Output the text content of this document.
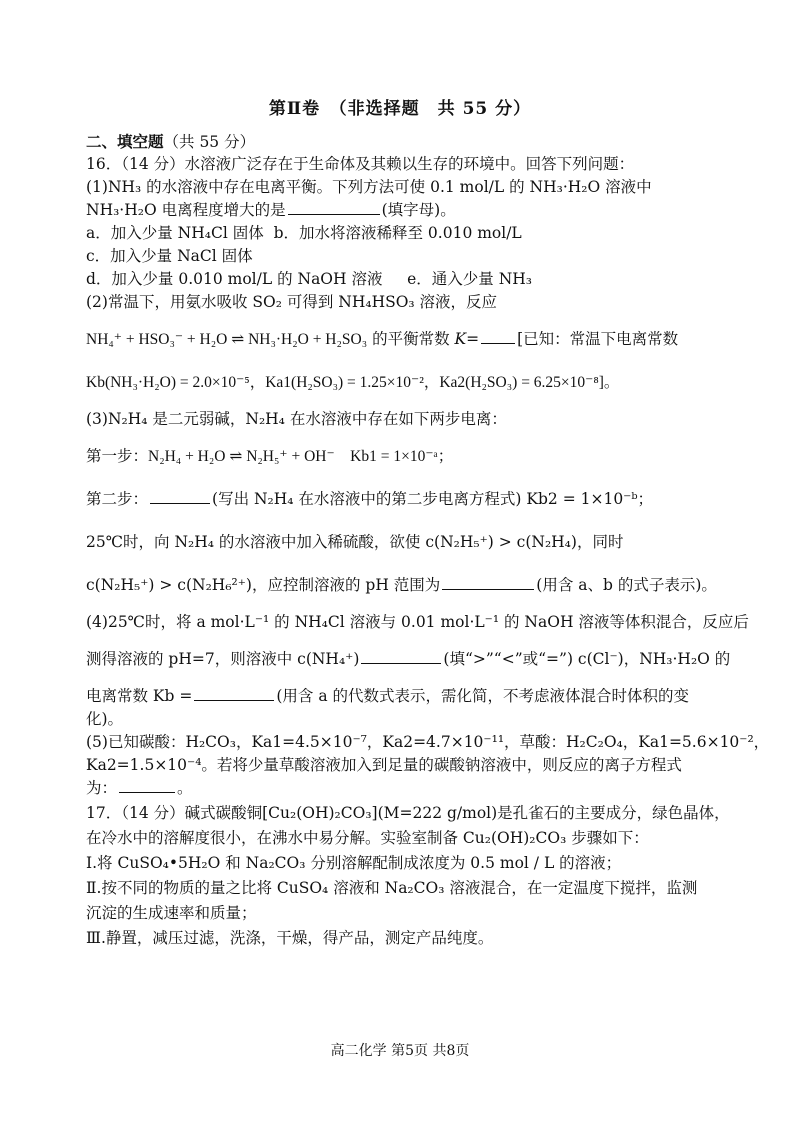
第Ⅱ卷　（非选择题　共 55 分）
二、填空题（共 55 分）
16．（14 分）水溶液广泛存在于生命体及其赖以生存的环境中。回答下列问题：
(1)NH₃ 的水溶液中存在电离平衡。下列方法可使 0.1 mol/L 的 NH₃·H₂O 溶液中
NH₃·H₂O 电离程度增大的是	(填字母)。
a．加入少量 NH₄Cl 固体 b．加水将溶液稀释至 0.010 mol/L
c．加入少量 NaCl 固体
d．加入少量 0.010 mol/L 的 NaOH 溶液 e．通入少量 NH₃
(2)常温下，用氨水吸收 SO₂ 可得到 NH₄HSO₃ 溶液，反应
NH₄⁺ + HSO₃⁻ + H₂O ⇌ NH₃·H₂O + H₂SO₃ 的平衡常数 K= [已知：常温下电离常数
Kb(NH₃·H₂O) = 2.0×10⁻⁵，Ka1(H₂SO₃) = 1.25×10⁻²，Ka2(H₂SO₃) = 6.25×10⁻⁸]。
(3)N₂H₄ 是二元弱碱，N₂H₄ 在水溶液中存在如下两步电离：
第一步：N₂H₄ + H₂O ⇌ N₂H₅⁺ + OH⁻　Kb1 = 1×10⁻ᵃ；
第二步：	(写出 N₂H₄ 在水溶液中的第二步电离方程式) Kb2 = 1×10⁻ᵇ；
25℃时，向 N₂H₄ 的水溶液中加入稀硫酸，欲使 c(N₂H₅⁺) > c(N₂H₄)，同时
c(N₂H₅⁺) > c(N₂H₆²⁺)，应控制溶液的 pH 范围为	(用含 a、b 的式子表示)。
(4)25℃时，将 a mol·L⁻¹ 的 NH₄Cl 溶液与 0.01 mol·L⁻¹ 的 NaOH 溶液等体积混合，反应后
测得溶液的 pH=7，则溶液中 c(NH₄⁺)	(填“>”“<”或“=”) c(Cl⁻)，NH₃·H₂O 的
电离常数 Kb =	(用含 a 的代数式表示，需化简，不考虑液体混合时体积的变
化)。
(5)已知碳酸：H₂CO₃，Ka1=4.5×10⁻⁷，Ka2=4.7×10⁻¹¹，草酸：H₂C₂O₄，Ka1=5.6×10⁻²，
Ka2=1.5×10⁻⁴。若将少量草酸溶液加入到足量的碳酸钠溶液中，则反应的离子方程式
为：	。
17．（14 分）碱式碳酸铜[Cu₂(OH)₂CO₃](M=222 g/mol)是孔雀石的主要成分，绿色晶体，
在冷水中的溶解度很小，在沸水中易分解。实验室制备 Cu₂(OH)₂CO₃ 步骤如下：
Ⅰ.将 CuSO₄•5H₂O 和 Na₂CO₃ 分别溶解配制成浓度为 0.5 mol / L 的溶液；
Ⅱ.按不同的物质的量之比将 CuSO₄ 溶液和 Na₂CO₃ 溶液混合，在一定温度下搅拌，监测
沉淀的生成速率和质量；
Ⅲ.静置，减压过滤，洗涤，干燥，得产品，测定产品纯度。
高二化学 第5页 共8页
